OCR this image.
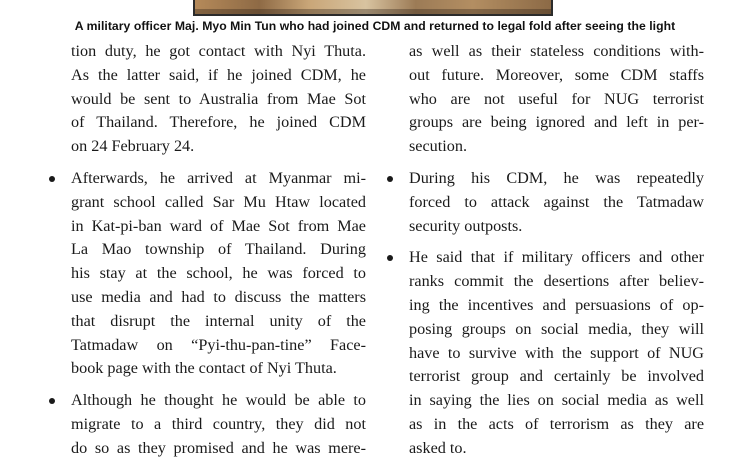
A military officer Maj. Myo Min Tun who had joined CDM and returned to legal fold after seeing the light
tion duty, he got contact with Nyi Thuta.
As the latter said, if he joined CDM, he
would be sent to Australia from Mae Sot
of Thailand. Therefore, he joined CDM
on 24 February 24.
Afterwards, he arrived at Myanmar mi-
grant school called Sar Mu Htaw located
in Kat-pi-ban ward of Mae Sot from Mae
La Mao township of Thailand. During
his stay at the school, he was forced to
use media and had to discuss the matters
that disrupt the internal unity of the
Tatmadaw on “Pyi-thu-pan-tine” Face-
book page with the contact of Nyi Thuta.
Although he thought he would be able to
migrate to a third country, they did not
do so as they promised and he was mere-
as well as their stateless conditions with-
out future. Moreover, some CDM staffs
who are not useful for NUG terrorist
groups are being ignored and left in per-
secution.
During his CDM, he was repeatedly
forced to attack against the Tatmadaw
security outposts.
He said that if military officers and other
ranks commit the desertions after believ-
ing the incentives and persuasions of op-
posing groups on social media, they will
have to survive with the support of NUG
terrorist group and certainly be involved
in saying the lies on social media as well
as in the acts of terrorism as they are
asked to.
